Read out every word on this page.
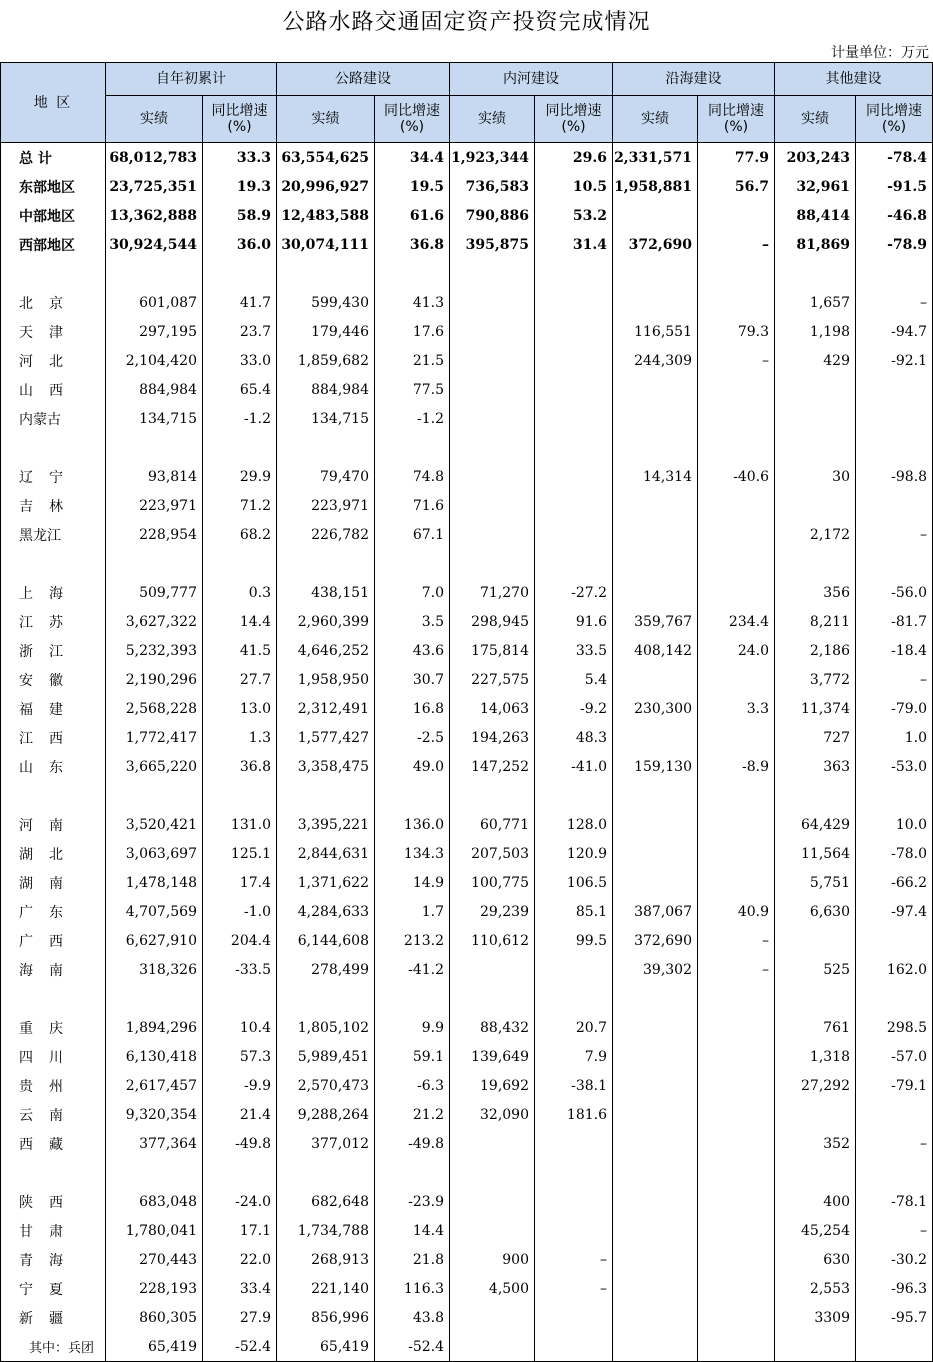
公路水路交通固定资产投资完成情况
计量单位：万元
地 区	自年初累计		公路建设		内河建设		沿海建设		其他建设	
	实绩	同比增速(%)	实绩	同比增速(%)	实绩	同比增速(%)	实绩	同比增速(%)	实绩	同比增速(%)
总 计	68,012,783	33.3	63,554,625	34.4	1,923,344	29.6	2,331,571	77.9	203,243	-78.4
东部地区	23,725,351	19.3	20,996,927	19.5	736,583	10.5	1,958,881	56.7	32,961	-91.5
中部地区	13,362,888	58.9	12,483,588	61.6	790,886	53.2			88,414	-46.8
西部地区	30,924,544	36.0	30,074,111	36.8	395,875	31.4	372,690	–	81,869	-78.9

北京	601,087	41.7	599,430	41.3					1,657	–
天津	297,195	23.7	179,446	17.6			116,551	79.3	1,198	-94.7
河北	2,104,420	33.0	1,859,682	21.5			244,309	–	429	-92.1
山西	884,984	65.4	884,984	77.5						
内蒙古	134,715	-1.2	134,715	-1.2						

辽宁	93,814	29.9	79,470	74.8			14,314	-40.6	30	-98.8
吉林	223,971	71.2	223,971	71.6						
黑龙江	228,954	68.2	226,782	67.1					2,172	–

上海	509,777	0.3	438,151	7.0	71,270	-27.2			356	-56.0
江苏	3,627,322	14.4	2,960,399	3.5	298,945	91.6	359,767	234.4	8,211	-81.7
浙江	5,232,393	41.5	4,646,252	43.6	175,814	33.5	408,142	24.0	2,186	-18.4
安徽	2,190,296	27.7	1,958,950	30.7	227,575	5.4			3,772	–
福建	2,568,228	13.0	2,312,491	16.8	14,063	-9.2	230,300	3.3	11,374	-79.0
江西	1,772,417	1.3	1,577,427	-2.5	194,263	48.3			727	1.0
山东	3,665,220	36.8	3,358,475	49.0	147,252	-41.0	159,130	-8.9	363	-53.0

河南	3,520,421	131.0	3,395,221	136.0	60,771	128.0			64,429	10.0
湖北	3,063,697	125.1	2,844,631	134.3	207,503	120.9			11,564	-78.0
湖南	1,478,148	17.4	1,371,622	14.9	100,775	106.5			5,751	-66.2
广东	4,707,569	-1.0	4,284,633	1.7	29,239	85.1	387,067	40.9	6,630	-97.4
广西	6,627,910	204.4	6,144,608	213.2	110,612	99.5	372,690	–		
海南	318,326	-33.5	278,499	-41.2			39,302	–	525	162.0

重庆	1,894,296	10.4	1,805,102	9.9	88,432	20.7			761	298.5
四川	6,130,418	57.3	5,989,451	59.1	139,649	7.9			1,318	-57.0
贵州	2,617,457	-9.9	2,570,473	-6.3	19,692	-38.1			27,292	-79.1
云南	9,320,354	21.4	9,288,264	21.2	32,090	181.6				
西藏	377,364	-49.8	377,012	-49.8					352	–

陕西	683,048	-24.0	682,648	-23.9					400	-78.1
甘肃	1,780,041	17.1	1,734,788	14.4					45,254	–
青海	270,443	22.0	268,913	21.8	900	–			630	-30.2
宁夏	228,193	33.4	221,140	116.3	4,500	–			2,553	-96.3
新疆	860,305	27.9	856,996	43.8					3309	-95.7
其中：兵团	65,419	-52.4	65,419	-52.4						
